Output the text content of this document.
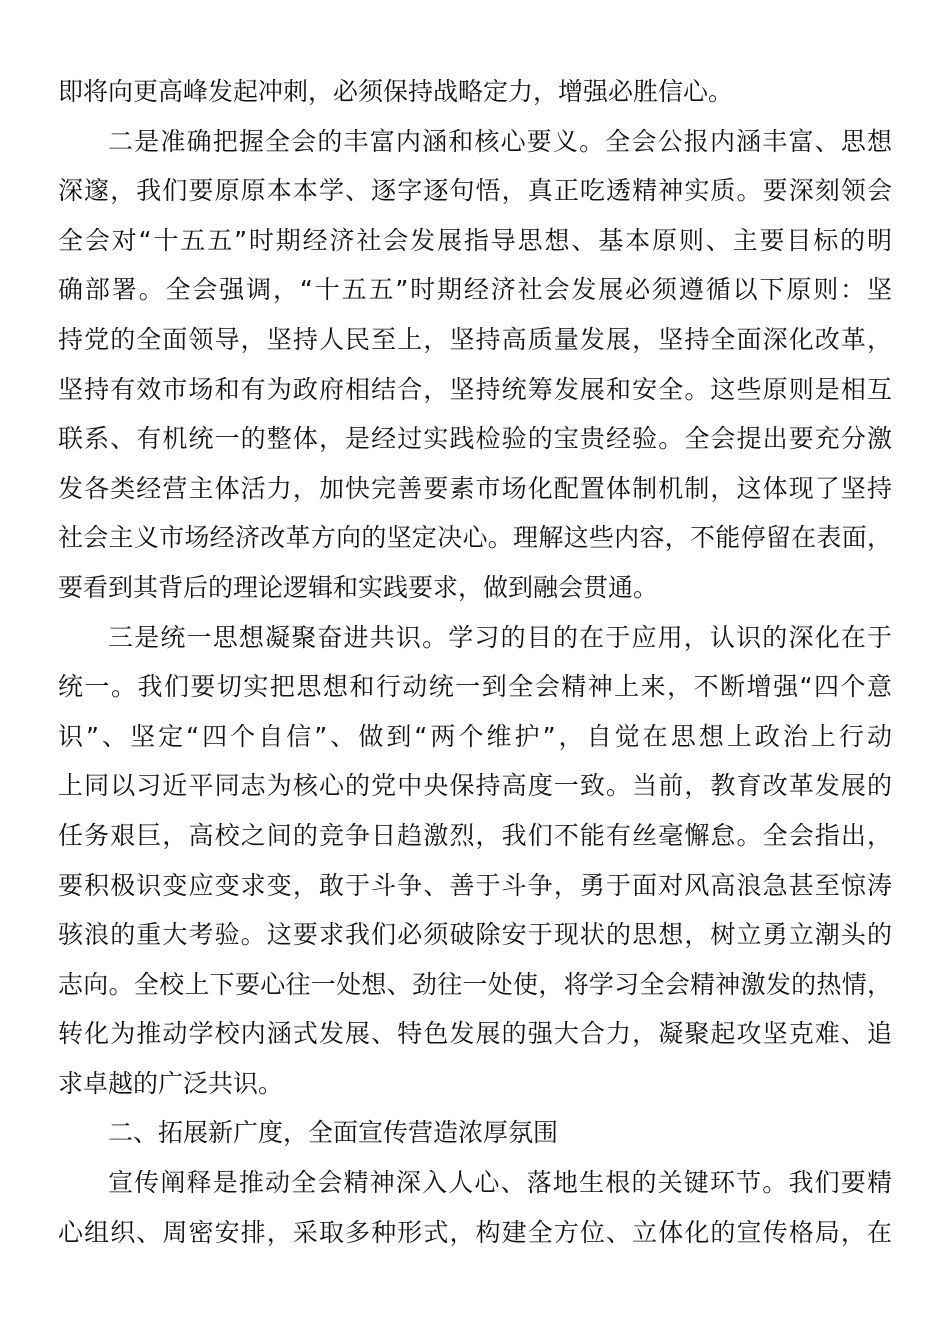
即将向更高峰发起冲刺，必须保持战略定力，增强必胜信心。
二是准确把握全会的丰富内涵和核心要义。全会公报内涵丰富、思想
深邃，我们要原原本本学、逐字逐句悟，真正吃透精神实质。要深刻领会
全会对“十五五”时期经济社会发展指导思想、基本原则、主要目标的明
确部署。全会强调，“十五五”时期经济社会发展必须遵循以下原则：坚
持党的全面领导，坚持人民至上，坚持高质量发展，坚持全面深化改革，
坚持有效市场和有为政府相结合，坚持统筹发展和安全。这些原则是相互
联系、有机统一的整体，是经过实践检验的宝贵经验。全会提出要充分激
发各类经营主体活力，加快完善要素市场化配置体制机制，这体现了坚持
社会主义市场经济改革方向的坚定决心。理解这些内容，不能停留在表面，
要看到其背后的理论逻辑和实践要求，做到融会贯通。
三是统一思想凝聚奋进共识。学习的目的在于应用，认识的深化在于
统一。我们要切实把思想和行动统一到全会精神上来，不断增强“四个意
识”、坚定“四个自信”、做到“两个维护”，自觉在思想上政治上行动
上同以习近平同志为核心的党中央保持高度一致。当前，教育改革发展的
任务艰巨，高校之间的竞争日趋激烈，我们不能有丝毫懈怠。全会指出，
要积极识变应变求变，敢于斗争、善于斗争，勇于面对风高浪急甚至惊涛
骇浪的重大考验。这要求我们必须破除安于现状的思想，树立勇立潮头的
志向。全校上下要心往一处想、劲往一处使，将学习全会精神激发的热情，
转化为推动学校内涵式发展、特色发展的强大合力，凝聚起攻坚克难、追
求卓越的广泛共识。
二、拓展新广度，全面宣传营造浓厚氛围
宣传阐释是推动全会精神深入人心、落地生根的关键环节。我们要精
心组织、周密安排，采取多种形式，构建全方位、立体化的宣传格局，在
